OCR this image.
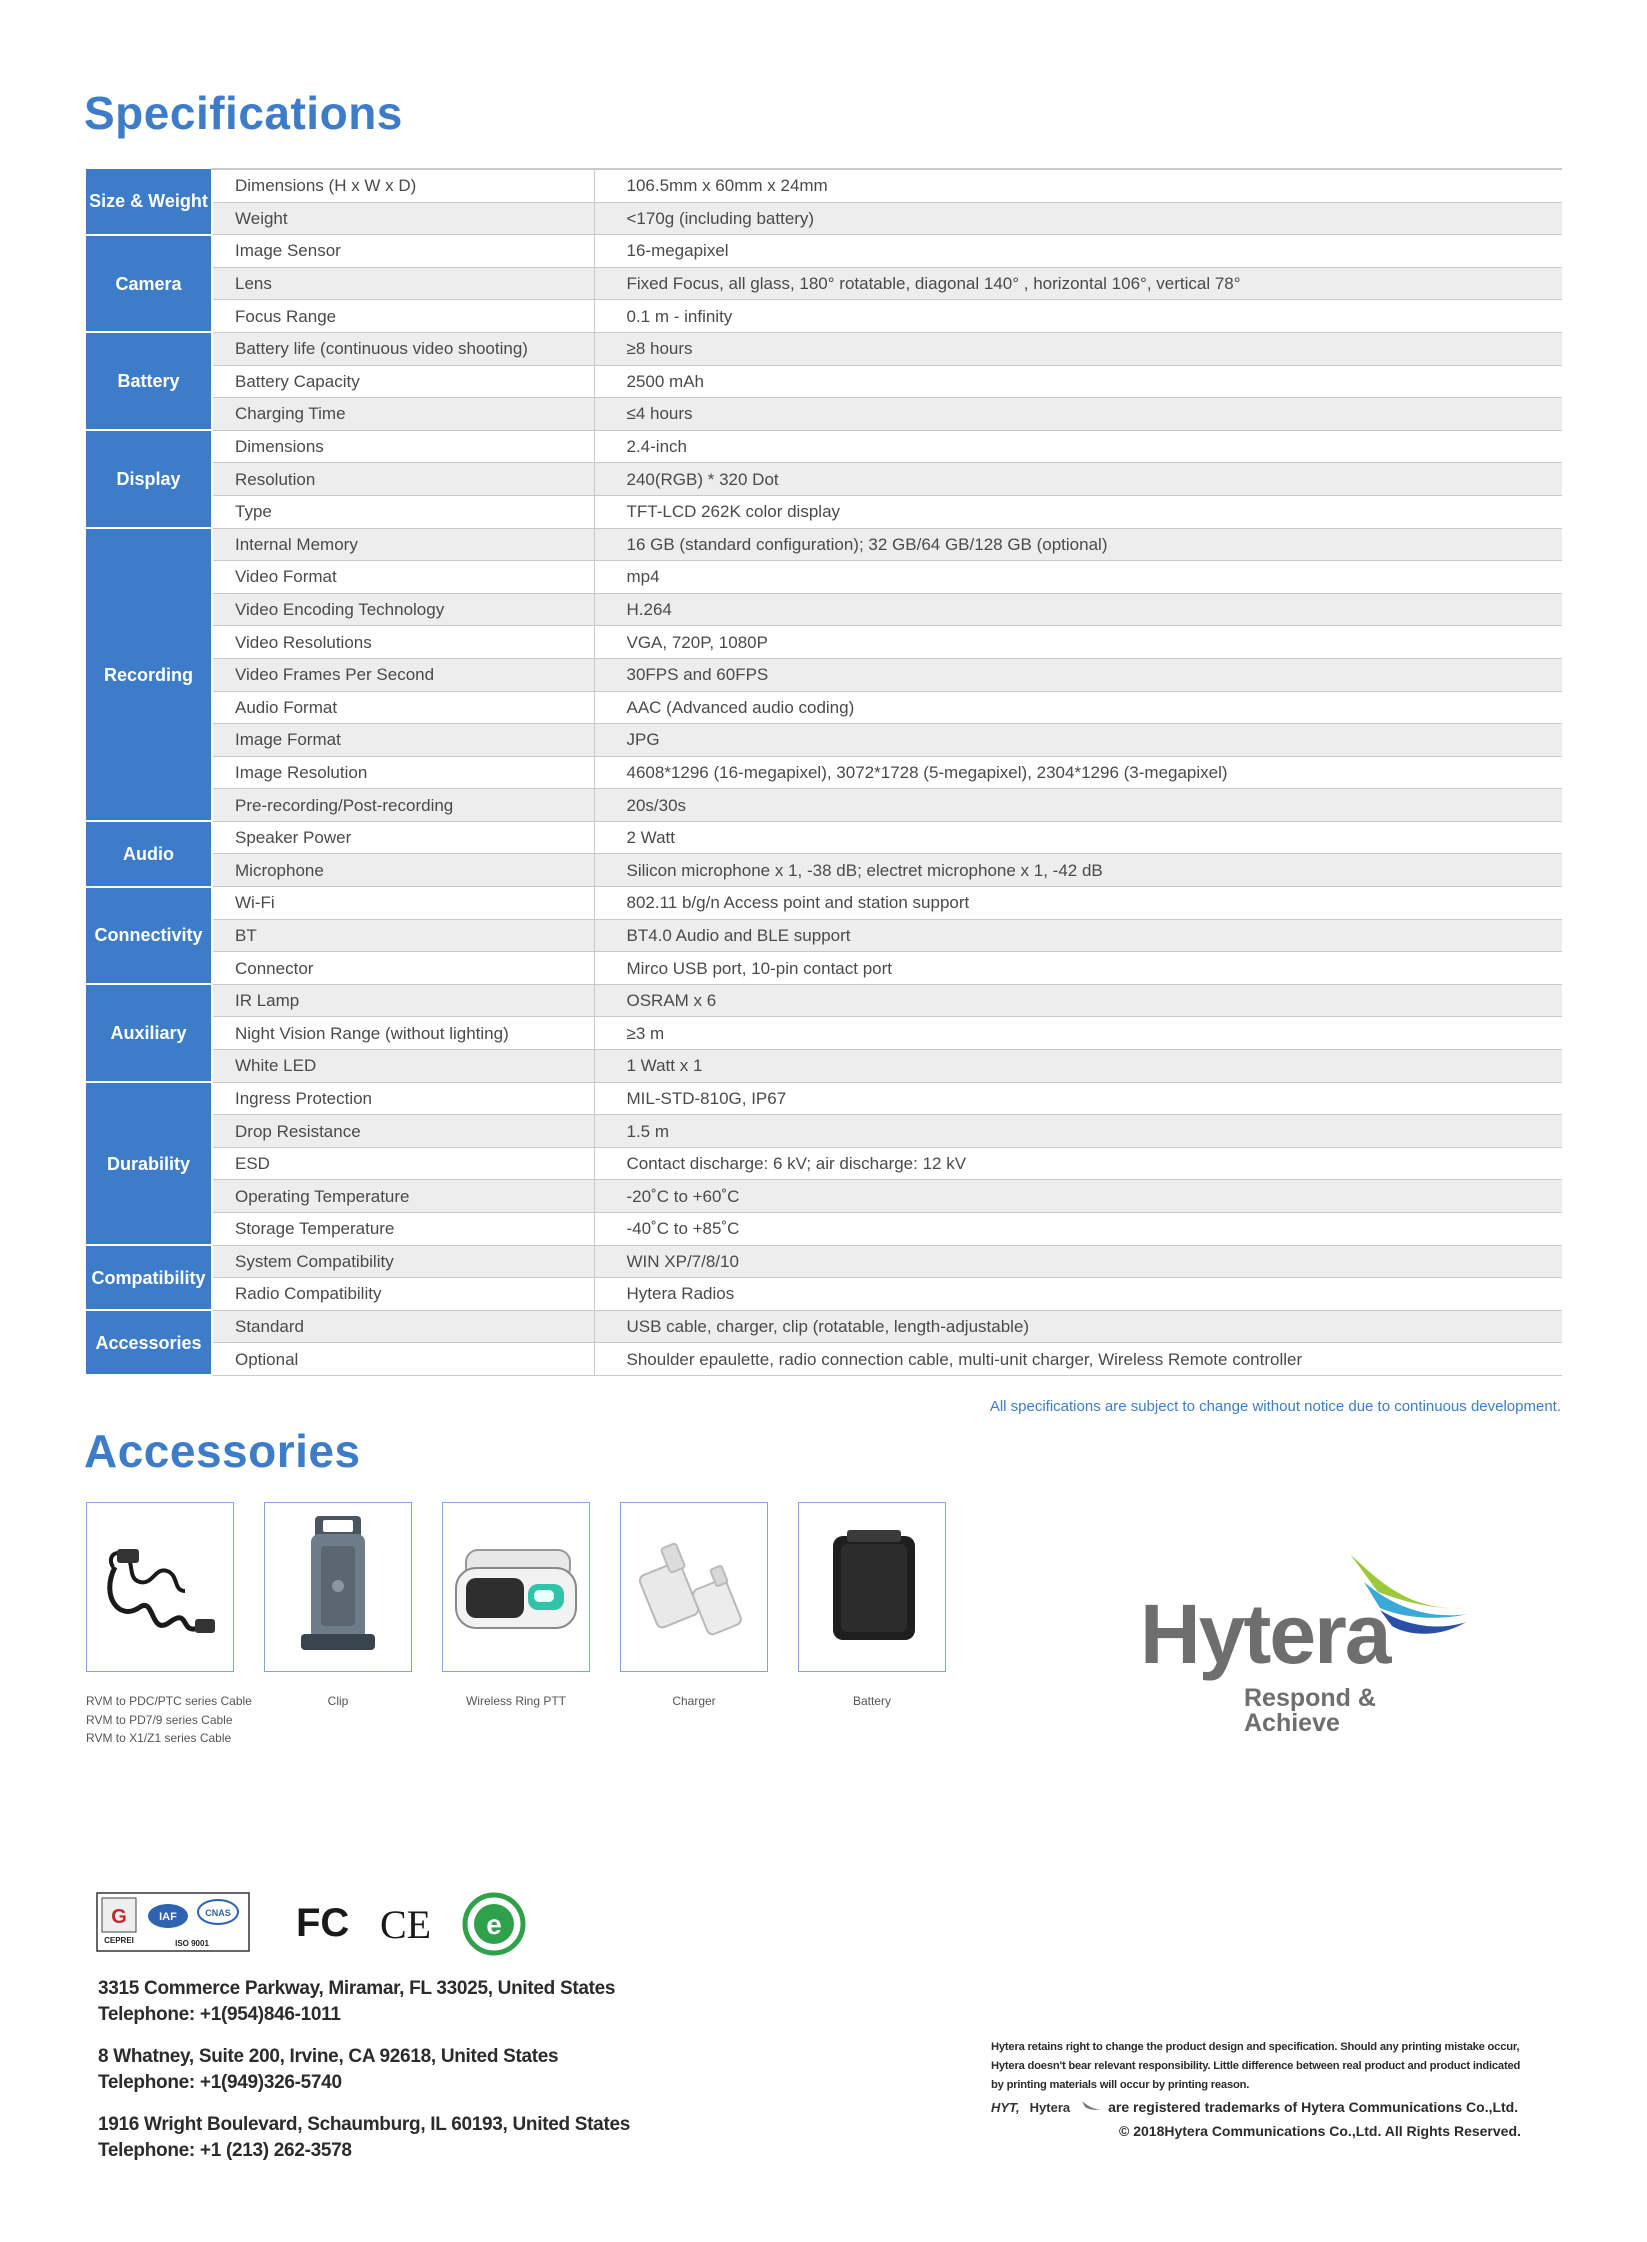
Specifications
Size & Weight	Dimensions (H x W x D)	106.5mm x 60mm x 24mm
	Weight	<170g (including battery)
Camera	Image Sensor	16-megapixel
	Lens	Fixed Focus, all glass, 180° rotatable, diagonal 140° , horizontal 106°, vertical 78°
	Focus Range	0.1 m - infinity
Battery	Battery life (continuous video shooting)	≥8 hours
	Battery Capacity	2500 mAh
	Charging Time	≤4 hours
Display	Dimensions	2.4-inch
	Resolution	240(RGB) * 320 Dot
	Type	TFT-LCD 262K color display
Recording	Internal Memory	16 GB (standard configuration); 32 GB/64 GB/128 GB (optional)
	Video Format	mp4
	Video Encoding Technology	H.264
	Video Resolutions	VGA, 720P, 1080P
	Video Frames Per Second	30FPS and 60FPS
	Audio Format	AAC (Advanced audio coding)
	Image Format	JPG
	Image Resolution	4608*1296 (16-megapixel), 3072*1728 (5-megapixel), 2304*1296 (3-megapixel)
	Pre-recording/Post-recording	20s/30s
Audio	Speaker Power	2 Watt
	Microphone	Silicon microphone x 1, -38 dB; electret microphone x 1, -42 dB
Connectivity	Wi-Fi	802.11 b/g/n Access point and station support
	BT	BT4.0 Audio and BLE support
	Connector	Mirco USB port, 10-pin contact port
Auxiliary	IR Lamp	OSRAM x 6
	Night Vision Range (without lighting)	≥3 m
	White LED	1 Watt x 1
Durability	Ingress Protection	MIL-STD-810G, IP67
	Drop Resistance	1.5 m
	ESD	Contact discharge: 6 kV; air discharge: 12 kV
	Operating Temperature	-20˚C to +60˚C
	Storage Temperature	-40˚C to +85˚C
Compatibility	System Compatibility	WIN XP/7/8/10
	Radio Compatibility	Hytera Radios
Accessories	Standard	USB cable, charger, clip (rotatable, length-adjustable)
	Optional	Shoulder epaulette, radio connection cable, multi-unit charger, Wireless Remote controller

All specifications are subject to change without notice due to continuous development.

Accessories
RVM to PDC/PTC series Cable
RVM to PD7/9 series Cable
RVM to X1/Z1 series Cable
Clip	Wireless Ring PTT	Charger	Battery

Hytera

Respond & Achieve

G
CEPREI
IAF	CNAS
ISO 9001 FC CE e
3315 Commerce Parkway, Miramar, FL 33025, United States
Telephone: +1(954)846-1011
8 Whatney, Suite 200, Irvine, CA 92618, United States
Telephone: +1(949)326-5740
1916 Wright Boulevard, Schaumburg, IL 60193, United States
Telephone: +1 (213) 262-3578
Hytera retains right to change the product design and specification. Should any printing mistake occur,
Hytera doesn't bear relevant responsibility. Little difference between real product and product indicated
by printing materials will occur by printing reason.
HYT, Hytera	are registered trademarks of Hytera Communications Co.,Ltd.
© 2018Hytera Communications Co.,Ltd. All Rights Reserved.
